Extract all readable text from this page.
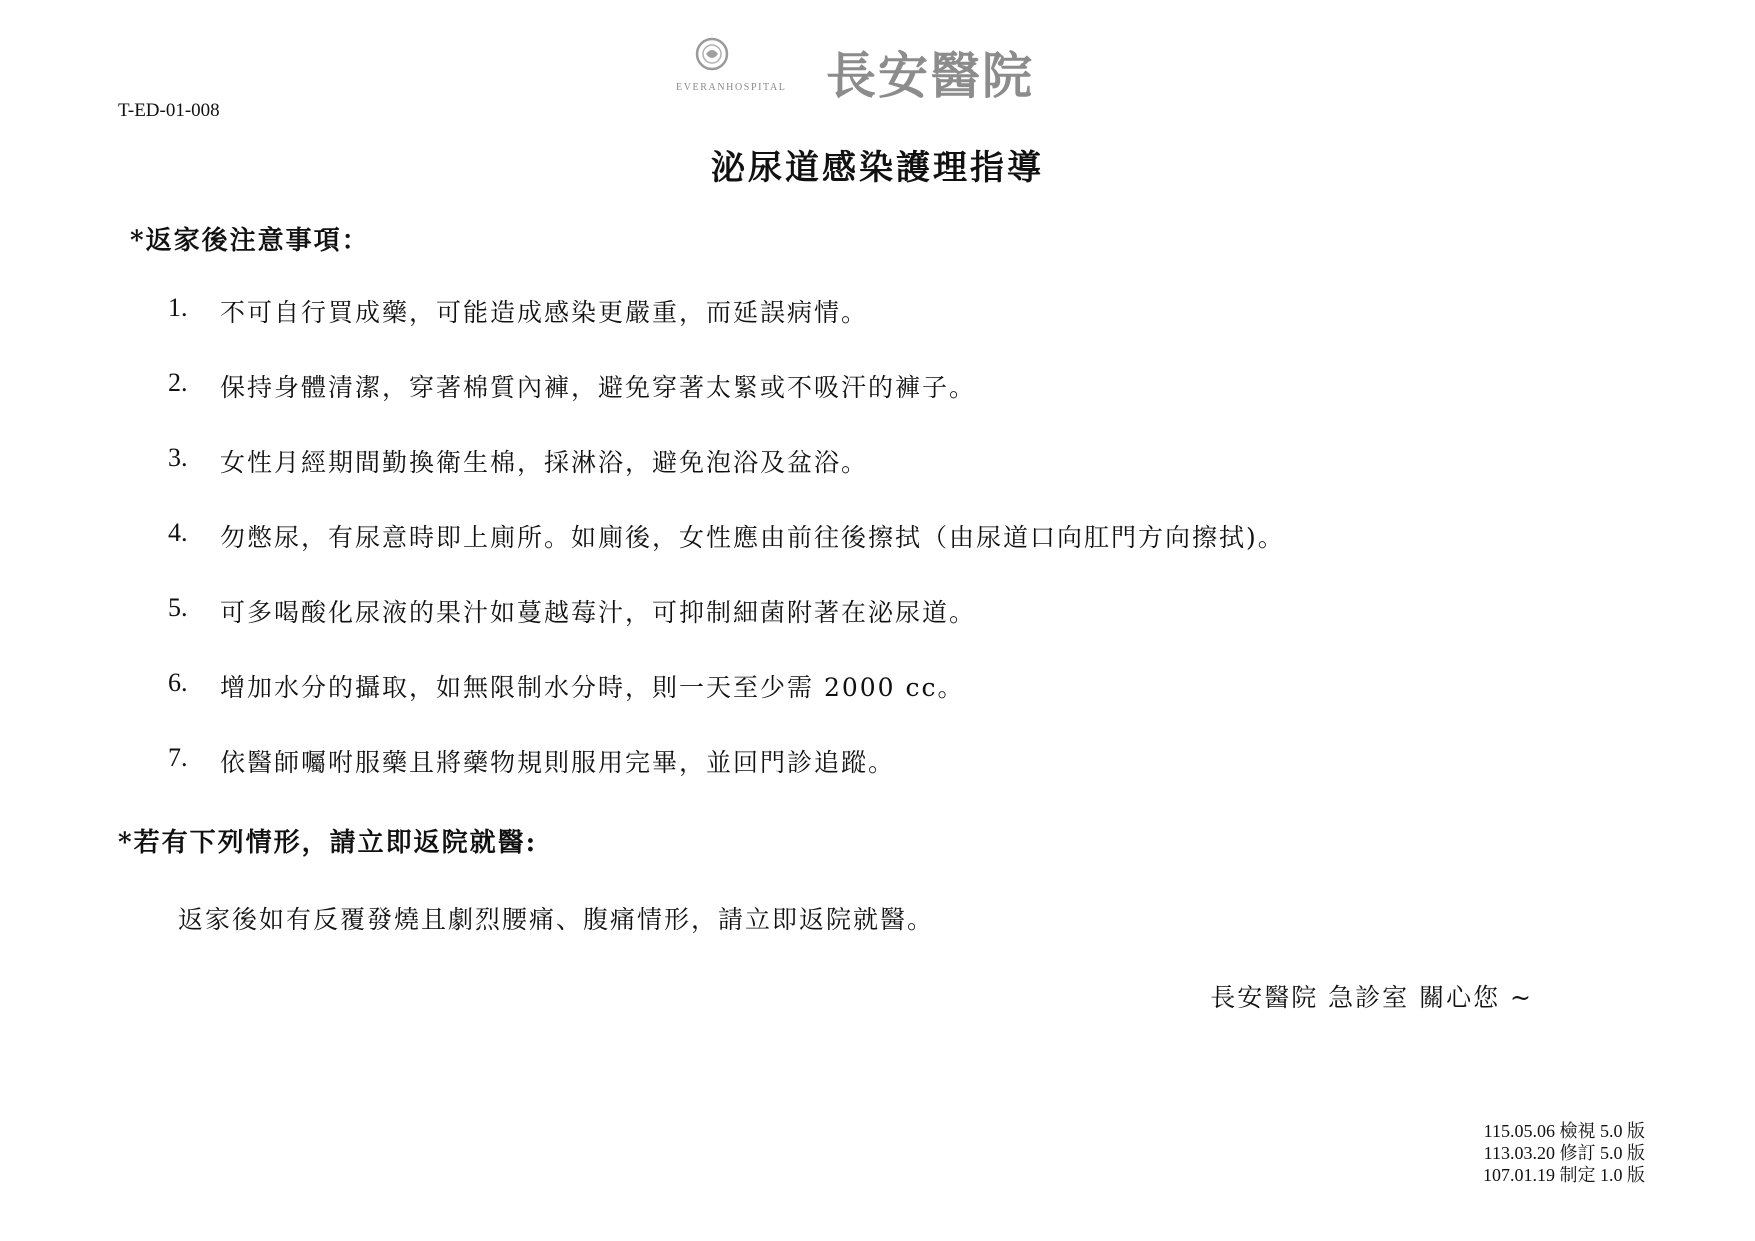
EVERANHOSPITAL 長安醫院
T-ED-01-008
泌尿道感染護理指導
*返家後注意事項：
1.	不可自行買成藥，可能造成感染更嚴重，而延誤病情。
2.	保持身體清潔，穿著棉質內褲，避免穿著太緊或不吸汗的褲子。
3.	女性月經期間勤換衛生棉，採淋浴，避免泡浴及盆浴。
4.	勿憋尿，有尿意時即上廁所。如廁後，女性應由前往後擦拭（由尿道口向肛門方向擦拭)。
5.	可多喝酸化尿液的果汁如蔓越莓汁，可抑制細菌附著在泌尿道。
6.	增加水分的攝取，如無限制水分時，則一天至少需 2000 cc。
7.	依醫師囑咐服藥且將藥物規則服用完畢，並回門診追蹤。
*若有下列情形，請立即返院就醫:
返家後如有反覆發燒且劇烈腰痛、腹痛情形，請立即返院就醫。
長安醫院 急診室 關心您 ~
115.05.06 檢視 5.0 版
113.03.20 修訂 5.0 版
107.01.19 制定 1.0 版
